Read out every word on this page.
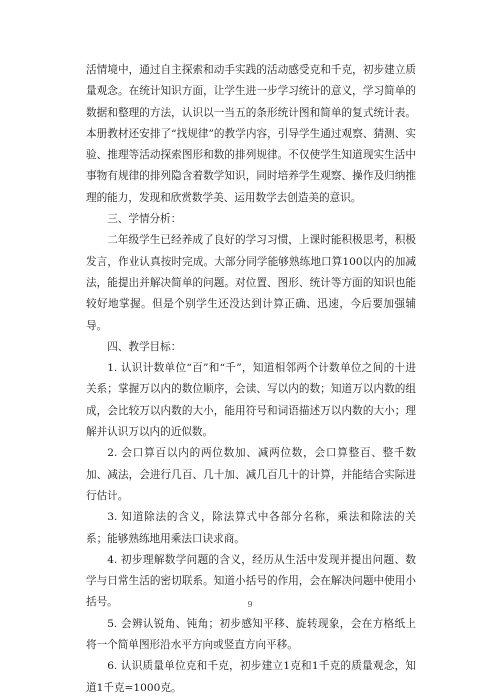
活情境中，通过自主探索和动手实践的活动感受克和千克，初步建立质量观念。在统计知识方面，让学生进一步学习统计的意义，学习简单的数据和整理的方法，认识以一当五的条形统计图和简单的复式统计表。本册教材还安排了“找规律”的教学内容，引导学生通过观察、猜测、实验、推理等活动探索图形和数的排列规律。不仅使学生知道现实生活中事物有规律的排列隐含着数学知识，同时培养学生观察、操作及归纳推理的能力，发现和欣赏数学美、运用数学去创造美的意识。

三、学情分析：

二年级学生已经养成了良好的学习习惯，上课时能积极思考，积极发言，作业认真按时完成。大部分同学能够熟练地口算100以内的加减法，能提出并解决简单的问题。对位置、图形、统计等方面的知识也能较好地掌握。但是个别学生还没达到计算正确、迅速，今后要加强辅导。

四、教学目标：

1. 认识计数单位“百”和“千”，知道相邻两个计数单位之间的十进关系；掌握万以内的数位顺序，会读、写以内的数；知道万以内数的组成，会比较万以内数的大小，能用符号和词语描述万以内数的大小；理解并认识万以内的近似数。

2. 会口算百以内的两位数加、减两位数，会口算整百、整千数加、减法，会进行几百、几十加、减几百几十的计算，并能结合实际进行估计。

3. 知道除法的含义，除法算式中各部分名称，乘法和除法的关系；能够熟练地用乘法口诀求商。

4. 初步理解数学问题的含义，经历从生活中发现并提出问题、数学与日常生活的密切联系。知道小括号的作用，会在解决问题中使用小括号。

5. 会辨认锐角、钝角；初步感知平移、旋转现象，会在方格纸上将一个简单图形沿水平方向或竖直方向平移。

6. 认识质量单位克和千克，初步建立1克和1千克的质量观念，知道1千克=1000克。

9
